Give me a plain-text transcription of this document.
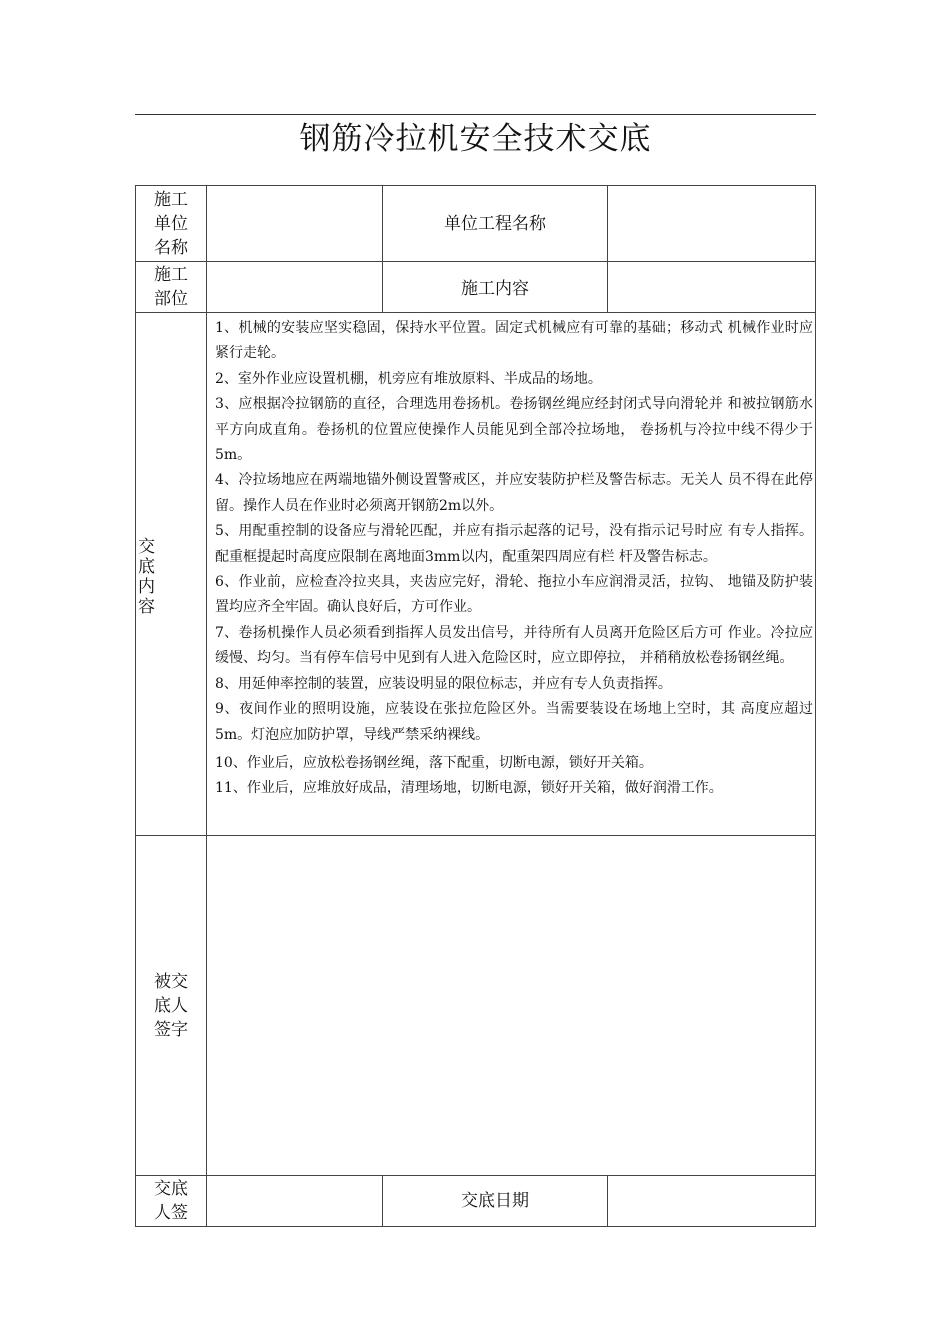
钢筋冷拉机安全技术交底
施工单位名称
单位工程名称
施工部位	施工内容
交底内容

1、机械的安装应坚实稳固，保持水平位置。固定式机械应有可靠的基础；移动式 机械作业时应 紧行走轮。

2、室外作业应设置机棚，机旁应有堆放原料、半成品的场地。

3、应根据冷拉钢筋的直径，合理选用卷扬机。卷扬钢丝绳应经封闭式导向滑轮并 和被拉钢筋水平方向成直角。卷扬机的位置应使操作人员能见到全部冷拉场地， 卷扬机与冷拉中线不得少于5m。

4、冷拉场地应在两端地锚外侧设置警戒区，并应安装防护栏及警告标志。无关人 员不得在此停留。操作人员在作业时必须离开钢筋2m以外。

5、用配重控制的设备应与滑轮匹配，并应有指示起落的记号，没有指示记号时应 有专人指挥。配重框提起时高度应限制在离地面3mm以内，配重架四周应有栏 杆及警告标志。

6、作业前，应检查冷拉夹具，夹齿应完好，滑轮、拖拉小车应润滑灵活，拉钩、 地锚及防护装置均应齐全牢固。确认良好后，方可作业。

7、卷扬机操作人员必须看到指挥人员发出信号，并待所有人员离开危险区后方可 作业。冷拉应缓慢、均匀。当有停车信号中见到有人进入危险区时，应立即停拉， 并稍稍放松卷扬钢丝绳。

8、用延伸率控制的装置，应装设明显的限位标志，并应有专人负责指挥。

9、夜间作业的照明设施，应装设在张拉危险区外。当需要装设在场地上空时，其 高度应超过5m。灯泡应加防护罩，导线严禁采纳裸线。

10、作业后，应放松卷扬钢丝绳，落下配重，切断电源，锁好开关箱。

11、作业后，应堆放好成品，清理场地，切断电源，锁好开关箱，做好润滑工作。

被交底人签字
交底人签
交底日期
